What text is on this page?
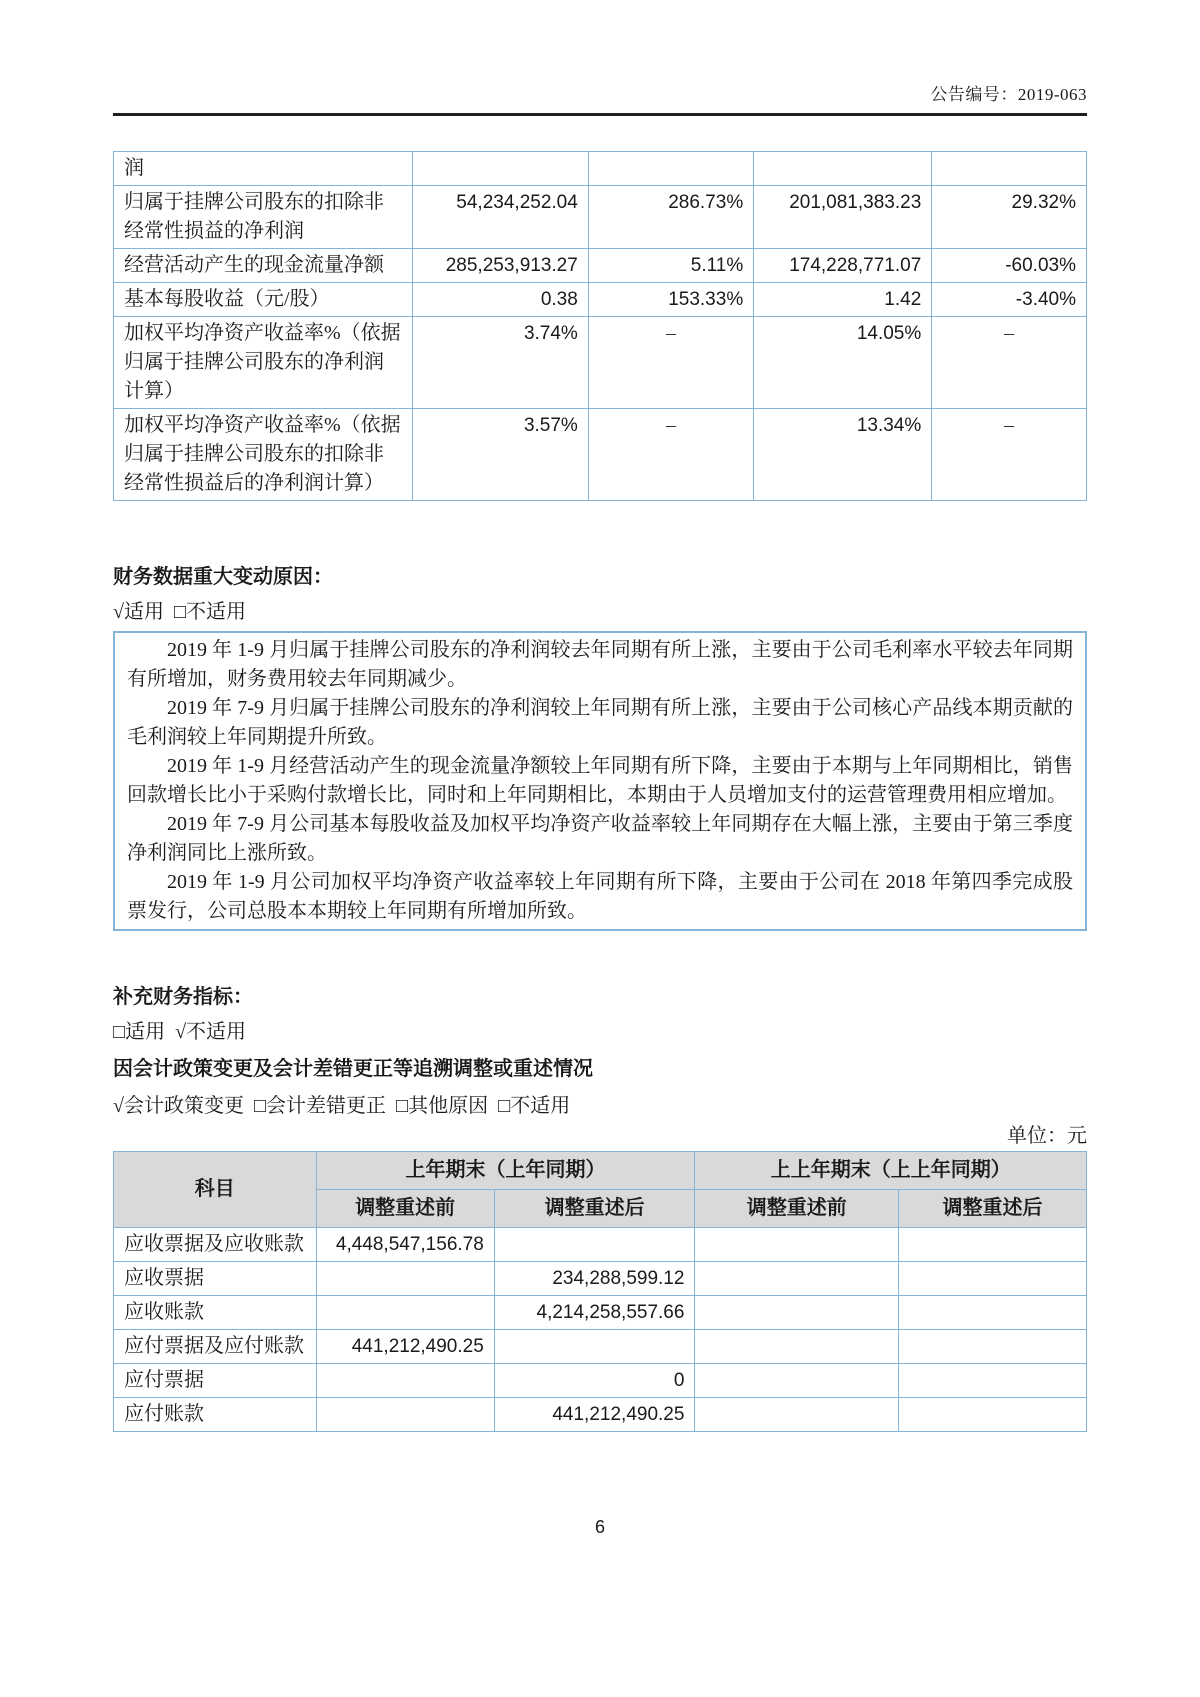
公告编号：2019-063
润				
归属于挂牌公司股东的扣除非经常性损益的净利润	54,234,252.04	286.73%	201,081,383.23	29.32%
经营活动产生的现金流量净额	285,253,913.27	5.11%	174,228,771.07	-60.03%
基本每股收益（元/股）	0.38	153.33%	1.42	-3.40%
加权平均净资产收益率%（依据归属于挂牌公司股东的净利润计算）	3.74%	–	14.05%	–
加权平均净资产收益率%（依据归属于挂牌公司股东的扣除非经常性损益后的净利润计算）	3.57%	–	13.34%	–
财务数据重大变动原因：
√适用  □不适用

2019 年 1-9 月归属于挂牌公司股东的净利润较去年同期有所上涨，主要由于公司毛利率水平较去年同期有所增加，财务费用较去年同期减少。

2019 年 7-9 月归属于挂牌公司股东的净利润较上年同期有所上涨，主要由于公司核心产品线本期贡献的毛利润较上年同期提升所致。

2019 年 1-9 月经营活动产生的现金流量净额较上年同期有所下降，主要由于本期与上年同期相比，销售回款增长比小于采购付款增长比，同时和上年同期相比，本期由于人员增加支付的运营管理费用相应增加。

2019 年 7-9 月公司基本每股收益及加权平均净资产收益率较上年同期存在大幅上涨，主要由于第三季度净利润同比上涨所致。

2019 年 1-9 月公司加权平均净资产收益率较上年同期有所下降，主要由于公司在 2018 年第四季完成股票发行，公司总股本本期较上年同期有所增加所致。

补充财务指标：
□适用  √不适用
因会计政策变更及会计差错更正等追溯调整或重述情况
√会计政策变更  □会计差错更正  □其他原因  □不适用
单位：元
科目	上年期末（上年同期）		上上年期末（上上年同期）	
	调整重述前	调整重述后	调整重述前	调整重述后
应收票据及应收账款	4,448,547,156.78			
应收票据		234,288,599.12		
应收账款		4,214,258,557.66		
应付票据及应付账款	441,212,490.25			
应付票据		0		
应付账款		441,212,490.25		
6
